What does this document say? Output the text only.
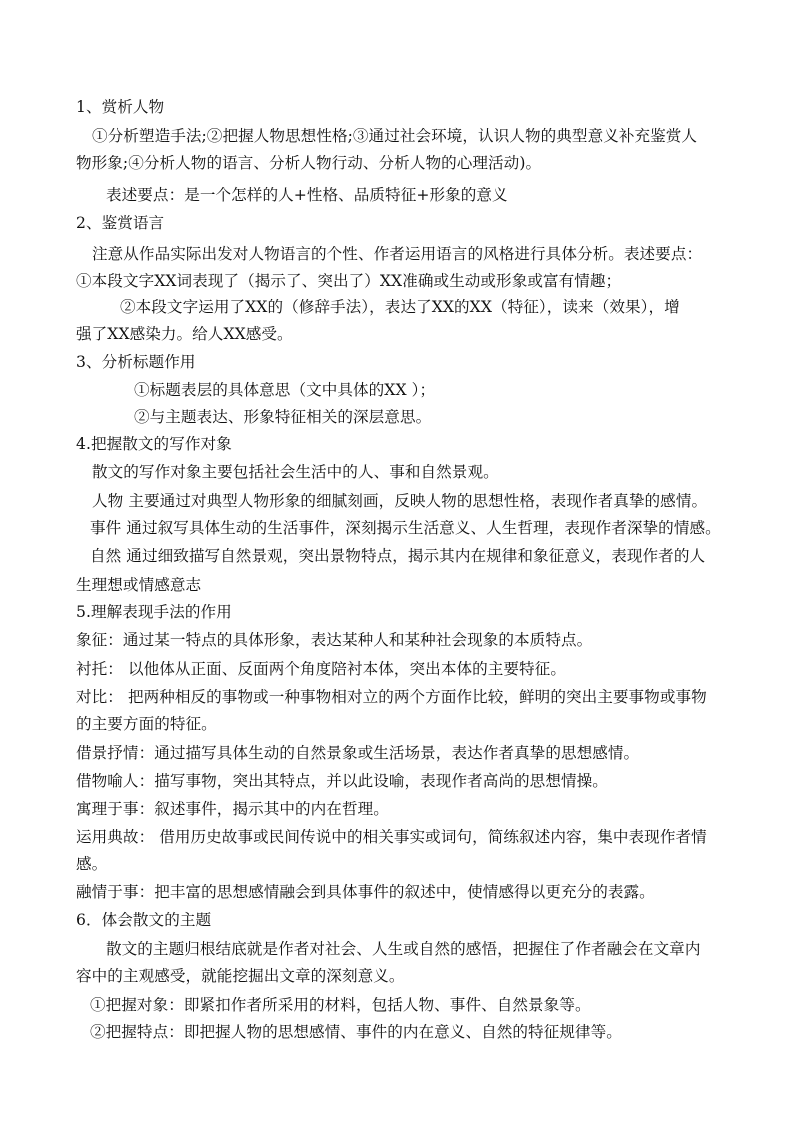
1、赏析人物
①分析塑造手法;②把握人物思想性格;③通过社会环境，认识人物的典型意义补充鉴赏人
物形象;④分析人物的语言、分析人物行动、分析人物的心理活动)。
表述要点：是一个怎样的人+性格、品质特征+形象的意义
2、鉴赏语言
注意从作品实际出发对人物语言的个性、作者运用语言的风格进行具体分析。表述要点：
①本段文字XX词表现了（揭示了、突出了）XX准确或生动或形象或富有情趣；
②本段文字运用了XX的（修辞手法），表达了XX的XX（特征），读来（效果），增
强了XX感染力。给人XX感受。
3、分析标题作用
①标题表层的具体意思（文中具体的XX ）；
②与主题表达、形象特征相关的深层意思。
4.把握散文的写作对象
散文的写作对象主要包括社会生活中的人、事和自然景观。
人物 主要通过对典型人物形象的细腻刻画，反映人物的思想性格，表现作者真挚的感情。
事件 通过叙写具体生动的生活事件，深刻揭示生活意义、人生哲理，表现作者深挚的情感。
自然 通过细致描写自然景观，突出景物特点，揭示其内在规律和象征意义，表现作者的人
生理想或情感意志
5.理解表现手法的作用
象征：通过某一特点的具体形象，表达某种人和某种社会现象的本质特点。
衬托： 以他体从正面、反面两个角度陪衬本体，突出本体的主要特征。
对比： 把两种相反的事物或一种事物相对立的两个方面作比较，鲜明的突出主要事物或事物
的主要方面的特征。
借景抒情：通过描写具体生动的自然景象或生活场景，表达作者真挚的思想感情。
借物喻人：描写事物，突出其特点，并以此设喻，表现作者高尚的思想情操。
寓理于事：叙述事件，揭示其中的内在哲理。
运用典故： 借用历史故事或民间传说中的相关事实或词句，简练叙述内容，集中表现作者情
感。
融情于事：把丰富的思想感情融会到具体事件的叙述中，使情感得以更充分的表露。
6．体会散文的主题
散文的主题归根结底就是作者对社会、人生或自然的感悟，把握住了作者融会在文章内
容中的主观感受，就能挖掘出文章的深刻意义。
①把握对象：即紧扣作者所采用的材料，包括人物、事件、自然景象等。
②把握特点：即把握人物的思想感情、事件的内在意义、自然的特征规律等。
